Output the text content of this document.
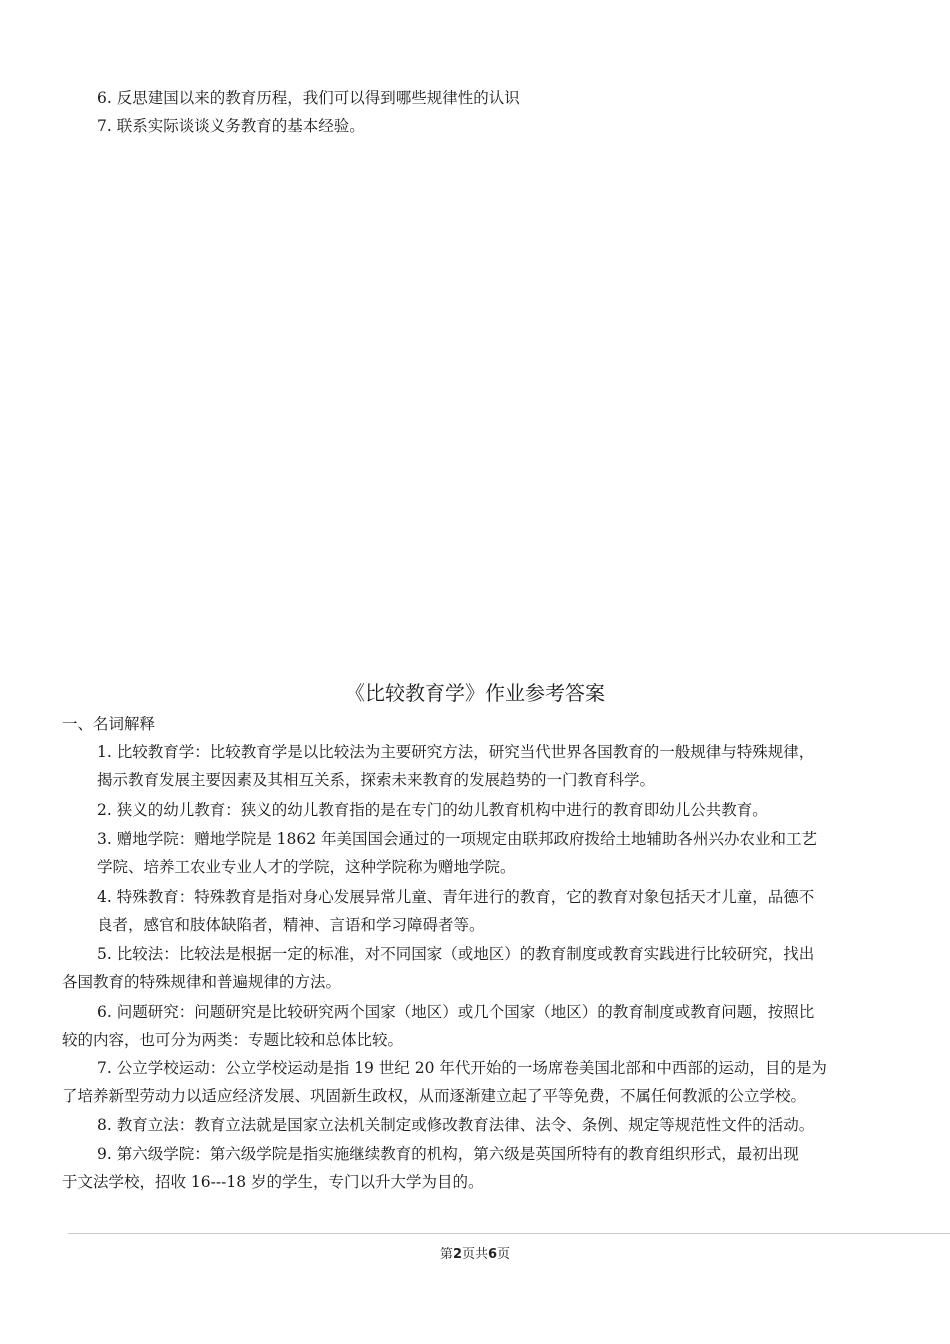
6. 反思建国以来的教育历程，我们可以得到哪些规律性的认识
7. 联系实际谈谈义务教育的基本经验。
《比较教育学》作业参考答案
一、名词解释
1. 比较教育学：比较教育学是以比较法为主要研究方法，研究当代世界各国教育的一般规律与特殊规律，
揭示教育发展主要因素及其相互关系，探索未来教育的发展趋势的一门教育科学。
2. 狭义的幼儿教育：狭义的幼儿教育指的是在专门的幼儿教育机构中进行的教育即幼儿公共教育。
3. 赠地学院：赠地学院是 1862 年美国国会通过的一项规定由联邦政府拨给土地辅助各州兴办农业和工艺
学院、培养工农业专业人才的学院，这种学院称为赠地学院。
4. 特殊教育：特殊教育是指对身心发展异常儿童、青年进行的教育，它的教育对象包括天才儿童，品德不
良者，感官和肢体缺陷者，精神、言语和学习障碍者等。
5. 比较法：比较法是根据一定的标准，对不同国家（或地区）的教育制度或教育实践进行比较研究，找出
各国教育的特殊规律和普遍规律的方法。
6. 问题研究：问题研究是比较研究两个国家（地区）或几个国家（地区）的教育制度或教育问题，按照比
较的内容，也可分为两类：专题比较和总体比较。
7. 公立学校运动：公立学校运动是指 19 世纪 20 年代开始的一场席卷美国北部和中西部的运动，目的是为
了培养新型劳动力以适应经济发展、巩固新生政权，从而逐渐建立起了平等免费，不属任何教派的公立学校。
8. 教育立法：教育立法就是国家立法机关制定或修改教育法律、法令、条例、规定等规范性文件的活动。
9. 第六级学院：第六级学院是指实施继续教育的机构，第六级是英国所特有的教育组织形式，最初出现
于文法学校，招收 16---18 岁的学生，专门以升大学为目的。
第2页共6页
